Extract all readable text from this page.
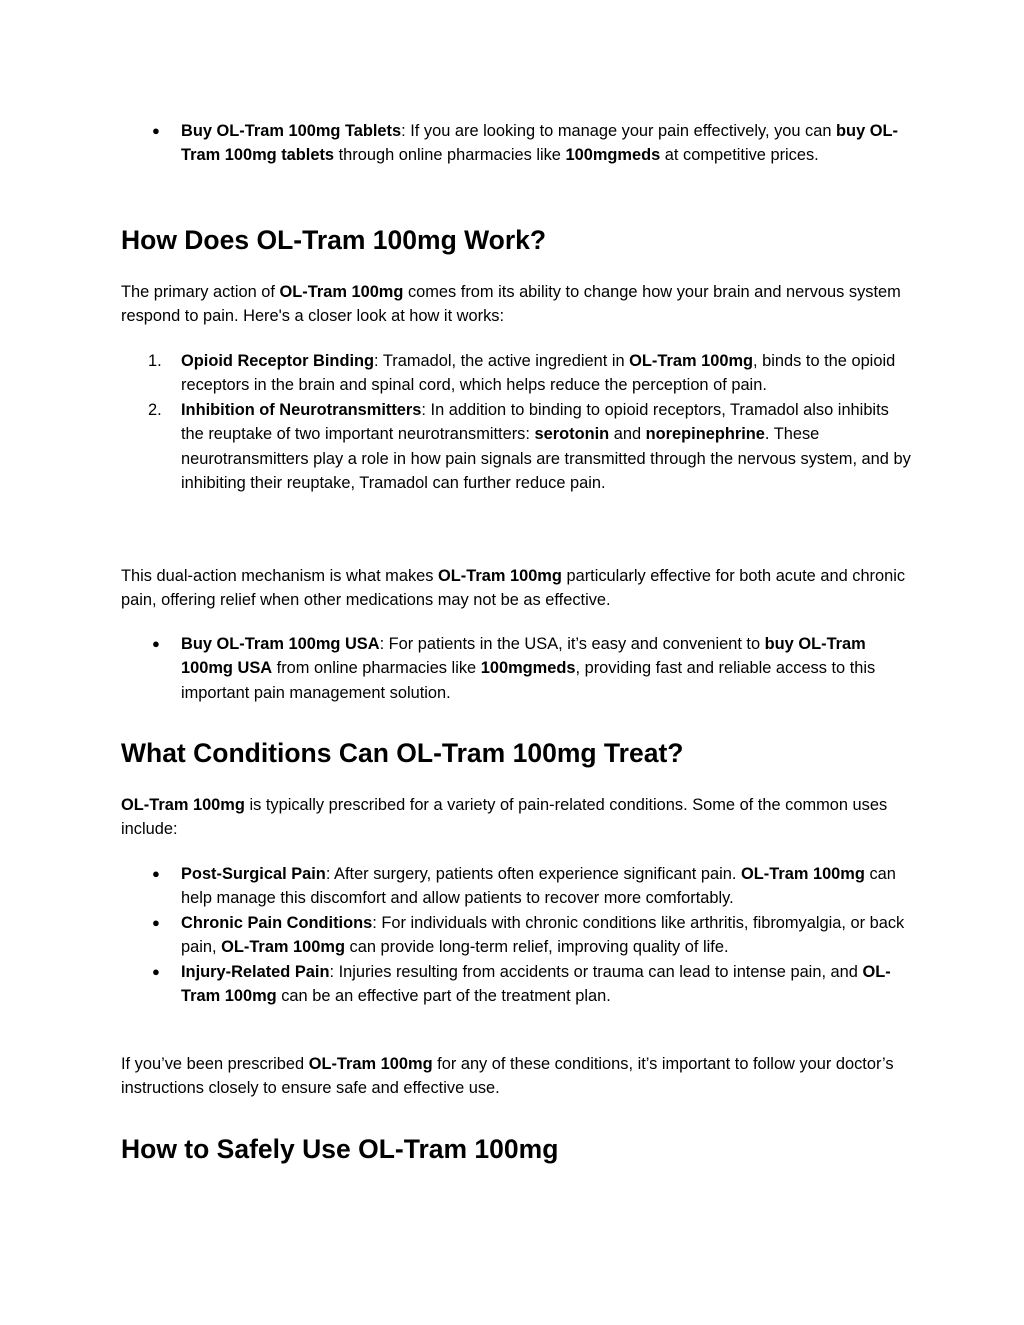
● Buy OL-Tram 100mg Tablets: If you are looking to manage your pain effectively, you can buy OL-Tram 100mg tablets through online pharmacies like 100mgmeds at competitive prices.
How Does OL-Tram 100mg Work?

The primary action of OL-Tram 100mg comes from its ability to change how your brain and nervous system respond to pain. Here's a closer look at how it works:

1. Opioid Receptor Binding: Tramadol, the active ingredient in OL-Tram 100mg, binds to the opioid receptors in the brain and spinal cord, which helps reduce the perception of pain.
2. Inhibition of Neurotransmitters: In addition to binding to opioid receptors, Tramadol also inhibits the reuptake of two important neurotransmitters: serotonin and norepinephrine. These neurotransmitters play a role in how pain signals are transmitted through the nervous system, and by inhibiting their reuptake, Tramadol can further reduce pain.

This dual-action mechanism is what makes OL-Tram 100mg particularly effective for both acute and chronic pain, offering relief when other medications may not be as effective.

● Buy OL-Tram 100mg USA: For patients in the USA, it’s easy and convenient to buy OL-Tram 100mg USA from online pharmacies like 100mgmeds, providing fast and reliable access to this important pain management solution.
What Conditions Can OL-Tram 100mg Treat?

OL-Tram 100mg is typically prescribed for a variety of pain-related conditions. Some of the common uses include:

● Post-Surgical Pain: After surgery, patients often experience significant pain. OL-Tram 100mg can help manage this discomfort and allow patients to recover more comfortably.
● Chronic Pain Conditions: For individuals with chronic conditions like arthritis, fibromyalgia, or back pain, OL-Tram 100mg can provide long-term relief, improving quality of life.
● Injury-Related Pain: Injuries resulting from accidents or trauma can lead to intense pain, and OL-Tram 100mg can be an effective part of the treatment plan.

If you’ve been prescribed OL-Tram 100mg for any of these conditions, it’s important to follow your doctor’s instructions closely to ensure safe and effective use.

How to Safely Use OL-Tram 100mg
